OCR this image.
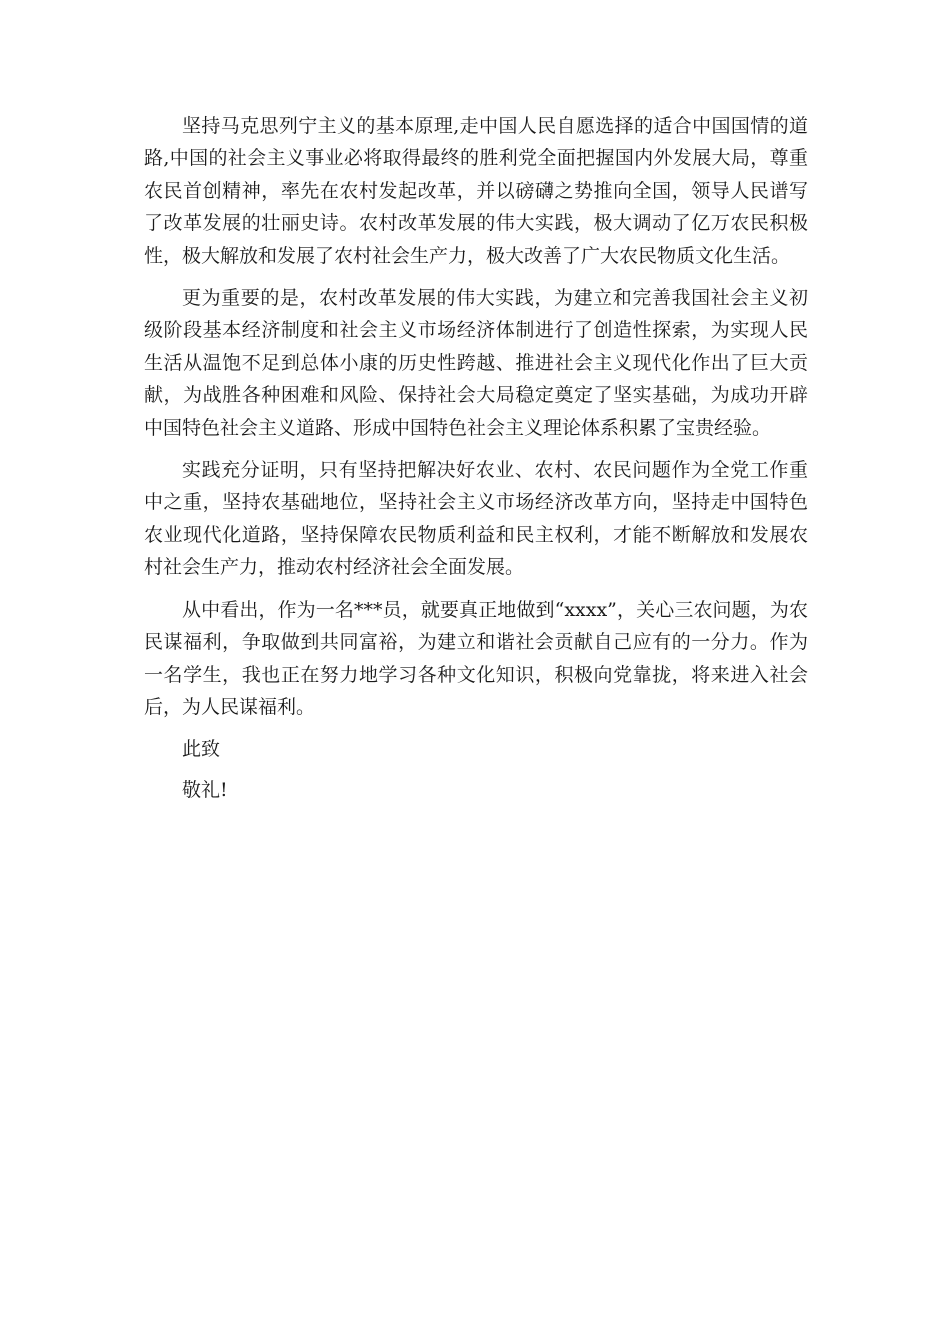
坚持马克思列宁主义的基本原理,走中国人民自愿选择的适合中国国情的道路,中国的社会主义事业必将取得最终的胜利党全面把握国内外发展大局，尊重农民首创精神，率先在农村发起改革，并以磅礴之势推向全国，领导人民谱写了改革发展的壮丽史诗。农村改革发展的伟大实践，极大调动了亿万农民积极性，极大解放和发展了农村社会生产力，极大改善了广大农民物质文化生活。

更为重要的是，农村改革发展的伟大实践，为建立和完善我国社会主义初级阶段基本经济制度和社会主义市场经济体制进行了创造性探索，为实现人民生活从温饱不足到总体小康的历史性跨越、推进社会主义现代化作出了巨大贡献，为战胜各种困难和风险、保持社会大局稳定奠定了坚实基础，为成功开辟中国特色社会主义道路、形成中国特色社会主义理论体系积累了宝贵经验。

实践充分证明，只有坚持把解决好农业、农村、农民问题作为全党工作重中之重，坚持农基础地位，坚持社会主义市场经济改革方向，坚持走中国特色农业现代化道路，坚持保障农民物质利益和民主权利，才能不断解放和发展农村社会生产力，推动农村经济社会全面发展。

从中看出，作为一名***员，就要真正地做到“xxxx”，关心三农问题，为农民谋福利，争取做到共同富裕，为建立和谐社会贡献自己应有的一分力。作为一名学生，我也正在努力地学习各种文化知识，积极向党靠拢，将来进入社会后，为人民谋福利。

此致

敬礼!
